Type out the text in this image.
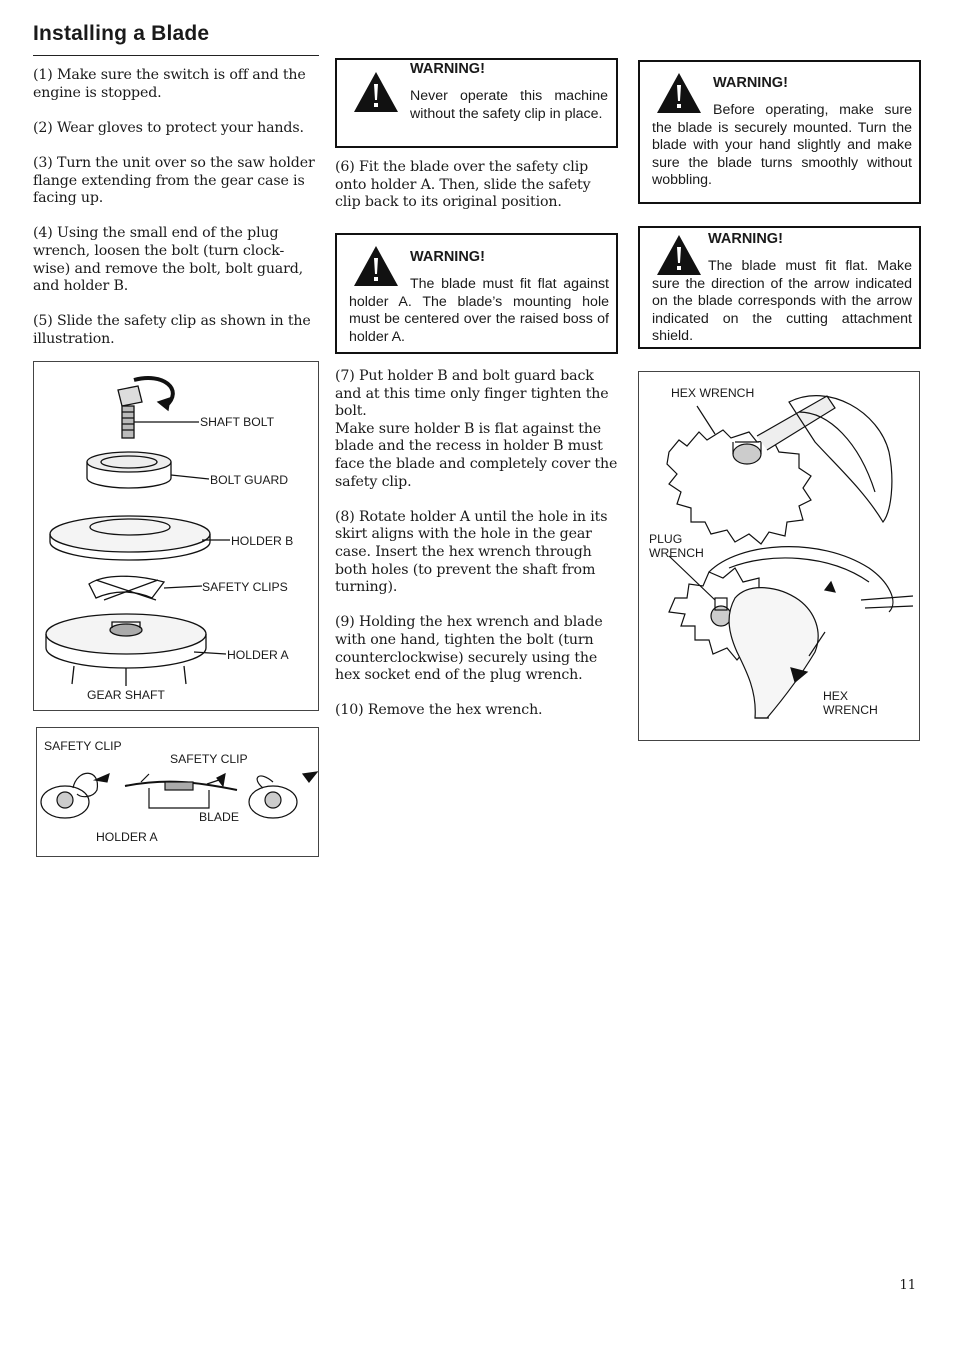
Installing a Blade

(1) Make sure the switch is off and the engine is stopped.

(2) Wear gloves to protect your hands.

(3) Turn the unit over so the saw holder flange extending from the gear case is facing up.

(4) Using the small end of the plug wrench, loosen the bolt (turn clock-wise) and remove the bolt, bolt guard, and holder B.

(5) Slide the safety clip as shown in the illustration.

SHAFT BOLT
BOLT GUARD
HOLDER B
SAFETY CLIPS
HOLDER A
GEAR SHAFT
SAFETY CLIP
SAFETY CLIP
BLADE
HOLDER A
WARNING!
Never operate this machine without the safety clip in place.

(6) Fit the blade over the safety clip onto holder A. Then, slide the safety clip back to its original position.

WARNING!
The blade must fit flat against holder A. The blade’s mounting hole must be centered over the raised boss of holder A.
(7) Put holder B and bolt guard back and at this time only finger tighten the bolt.

Make sure holder B is flat against the blade and the recess in holder B must face the blade and completely cover the safety clip.

(8) Rotate holder A until the hole in its skirt aligns with the hole in the gear case. Insert the hex wrench through both holes (to prevent the shaft from turning).

(9) Holding the hex wrench and blade with one hand, tighten the bolt (turn counterclockwise) securely using the hex socket end of the plug wrench.

(10) Remove the hex wrench.

WARNING!
Before operating, make sure the blade is securely mounted. Turn the blade with your hand slightly and make sure the blade turns smoothly without wobbling.
WARNING!
The blade must fit flat. Make sure the direction of the arrow indicated on the blade corresponds with the arrow indicated on the cutting attachment shield.
HEX WRENCH
PLUG
WRENCH
HEX
WRENCH
11
